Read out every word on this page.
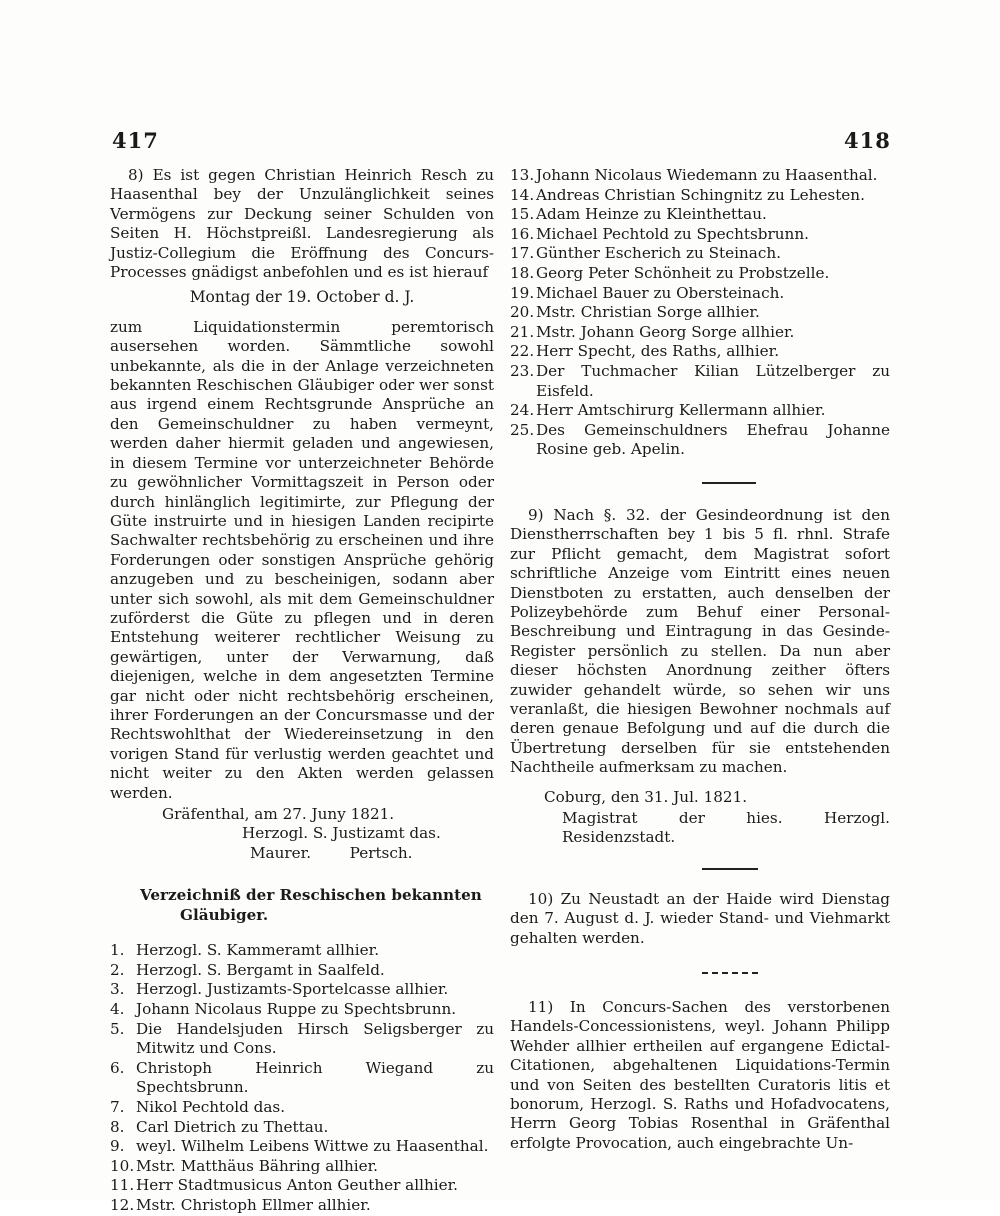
417	418

8) Es ist gegen Christian Heinrich Resch zu Haasenthal bey der Unzulänglichkeit seines Vermögens zur Deckung seiner Schulden von Seiten H. Höchstpreißl. Landesregierung als Justiz-Collegium die Eröffnung des Concurs-Processes gnädigst anbefohlen und es ist hierauf

Montag der 19. October d. J.

zum Liquidationstermin peremtorisch ausersehen worden. Sämmtliche sowohl unbekannte, als die in der Anlage verzeichneten bekannten Reschischen Gläubiger oder wer sonst aus irgend einem Rechtsgrunde Ansprüche an den Gemeinschuldner zu haben vermeynt, werden daher hiermit geladen und angewiesen, in diesem Termine vor unterzeichneter Behörde zu gewöhnlicher Vormittagszeit in Person oder durch hinlänglich legitimirte, zur Pflegung der Güte instruirte und in hiesigen Landen recipirte Sachwalter rechtsbehörig zu erscheinen und ihre Forderungen oder sonstigen Ansprüche gehörig anzugeben und zu bescheinigen, sodann aber unter sich sowohl, als mit dem Gemeinschuldner zuförderst die Güte zu pflegen und in deren Entstehung weiterer rechtlicher Weisung zu gewärtigen, unter der Verwarnung, daß diejenigen, welche in dem angesetzten Termine gar nicht oder nicht rechtsbehörig erscheinen, ihrer Forderungen an der Concursmasse und der Rechtswohlthat der Wiedereinsetzung in den vorigen Stand für verlustig werden geachtet und nicht weiter zu den Akten werden gelassen werden.

Gräfenthal, am 27. Juny 1821.
Herzogl. S. Justizamt das.
Maurer.        Pertsch.
Verzeichniß der Reschischen bekannten
Gläubiger.
1. Herzogl. S. Kammeramt allhier.
2. Herzogl. S. Bergamt in Saalfeld.
3. Herzogl. Justizamts-Sportelcasse allhier.
4. Johann Nicolaus Ruppe zu Spechtsbrunn.
5. Die Handelsjuden Hirsch Seligsberger zu Mitwitz und Cons.
6. Christoph Heinrich Wiegand zu Spechtsbrunn.
7. Nikol Pechtold das.
8. Carl Dietrich zu Thettau.
9. weyl. Wilhelm Leibens Wittwe zu Haasenthal.
10. Mstr. Matthäus Bähring allhier.
11. Herr Stadtmusicus Anton Geuther allhier.
12. Mstr. Christoph Ellmer allhier.
13. Johann Nicolaus Wiedemann zu Haasenthal.
14. Andreas Christian Schingnitz zu Lehesten.
15. Adam Heinze zu Kleinthettau.
16. Michael Pechtold zu Spechtsbrunn.
17. Günther Escherich zu Steinach.
18. Georg Peter Schönheit zu Probstzelle.
19. Michael Bauer zu Obersteinach.
20. Mstr. Christian Sorge allhier.
21. Mstr. Johann Georg Sorge allhier.
22. Herr Specht, des Raths, allhier.
23. Der Tuchmacher Kilian Lützelberger zu Eisfeld.
24. Herr Amtschirurg Kellermann allhier.
25. Des Gemeinschuldners Ehefrau Johanne Rosine geb. Apelin.

9) Nach §. 32. der Gesindeordnung ist den Dienstherrschaften bey 1 bis 5 fl. rhnl. Strafe zur Pflicht gemacht, dem Magistrat sofort schriftliche Anzeige vom Eintritt eines neuen Dienstboten zu erstatten, auch denselben der Polizeybehörde zum Behuf einer Personal-Beschreibung und Eintragung in das Gesinde-Register persönlich zu stellen. Da nun aber dieser höchsten Anordnung zeither öfters zuwider gehandelt würde, so sehen wir uns veranlaßt, die hiesigen Bewohner nochmals auf deren genaue Befolgung und auf die durch die Übertretung derselben für sie entstehenden Nachtheile aufmerksam zu machen.

Coburg, den 31. Jul. 1821.
Magistrat der hies. Herzogl. Residenzstadt.

10) Zu Neustadt an der Haide wird Dienstag den 7. August d. J. wieder Stand- und Viehmarkt gehalten werden.

11) In Concurs-Sachen des verstorbenen Handels-Concessionistens, weyl. Johann Philipp Wehder allhier ertheilen auf ergangene Edictal-Citationen, abgehaltenen Liquidations-Termin und von Seiten des bestellten Curatoris litis et bonorum, Herzogl. S. Raths und Hofadvocatens, Herrn Georg Tobias Rosenthal in Gräfenthal erfolgte Provocation, auch eingebrachte Un-
